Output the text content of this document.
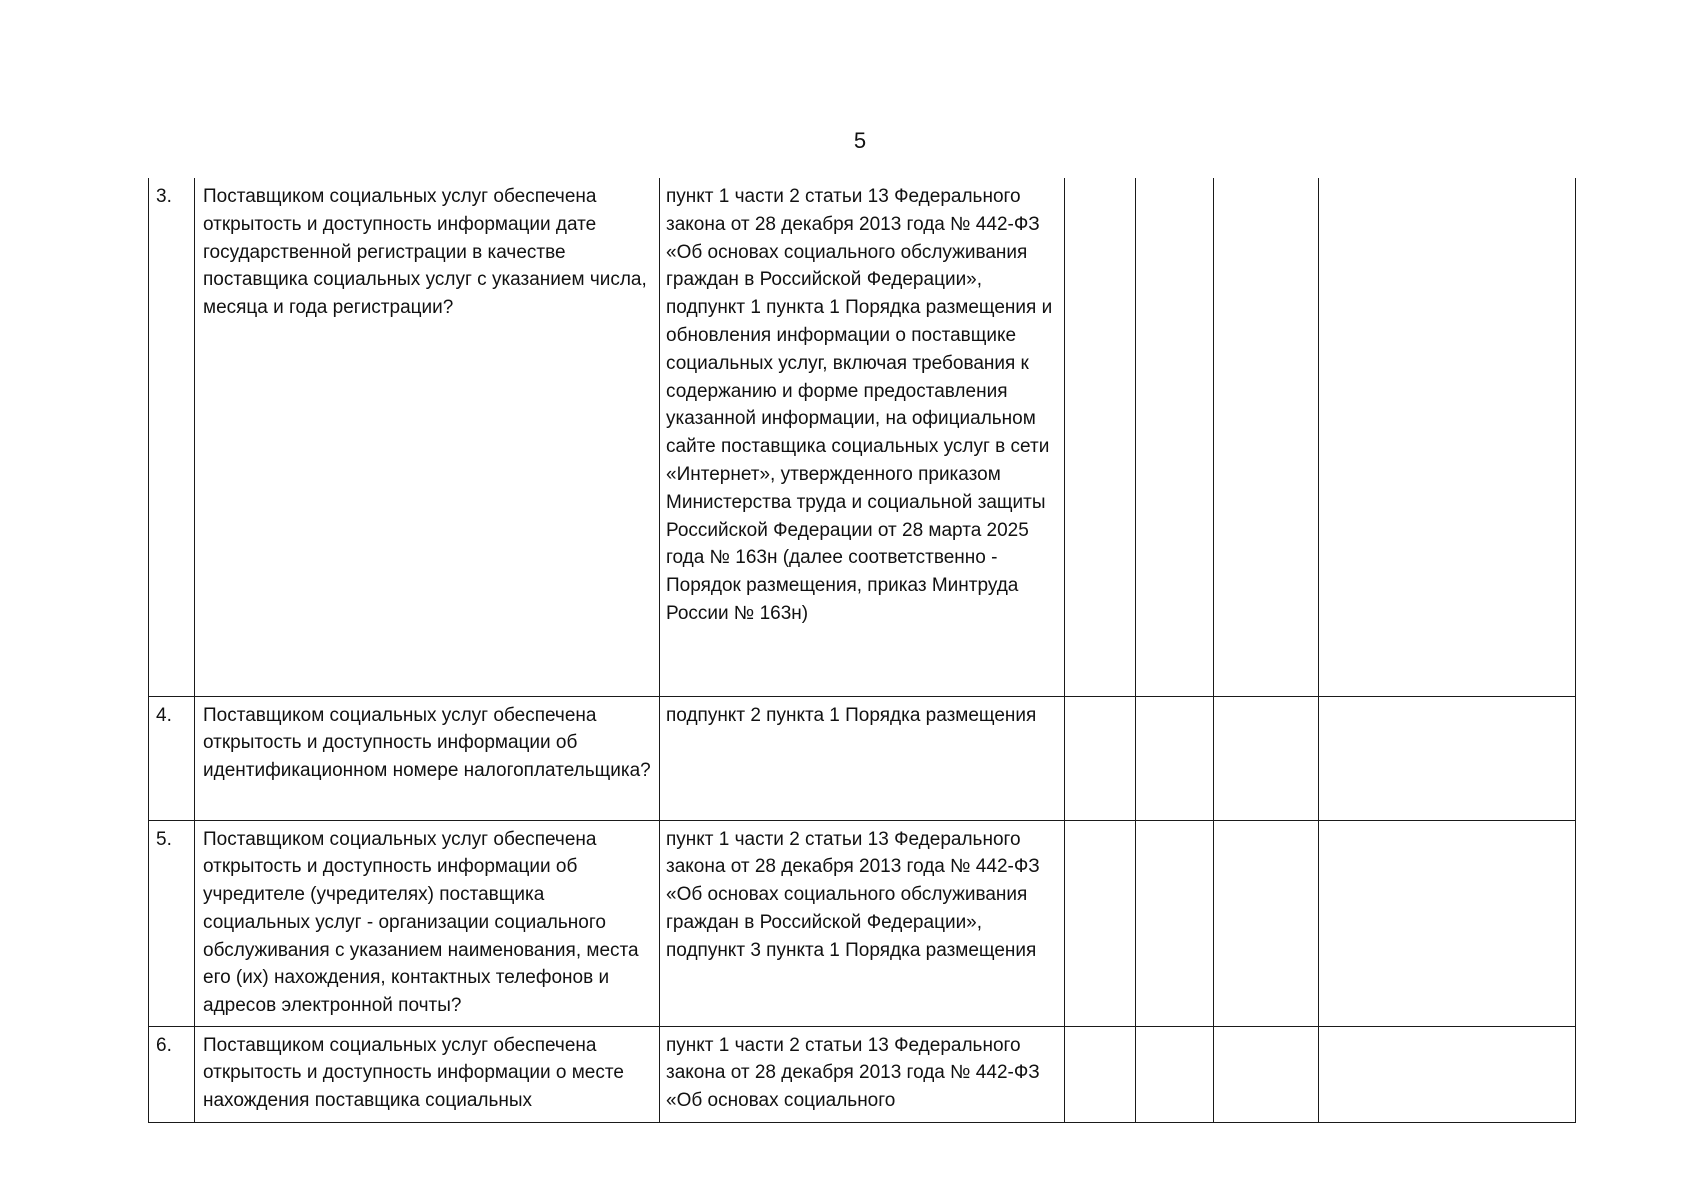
5
3.	Поставщиком социальных услуг обеспечена открытость и доступность информации дате государственной регистрации в качестве поставщика социальных услуг с указанием числа, месяца и года регистрации?	пункт 1 части 2 статьи 13 Федерального закона от 28 декабря 2013 года № 442-ФЗ «Об основах социального обслуживания граждан в Российской Федерации», подпункт 1 пункта 1 Порядка размещения и обновления информации о поставщике социальных услуг, включая требования к содержанию и форме предоставления указанной информации, на официальном сайте поставщика социальных услуг в сети «Интернет», утвержденного приказом Министерства труда и социальной защиты Российской Федерации от 28 марта 2025 года № 163н (далее соответственно - Порядок размещения, приказ Минтруда России № 163н)				
4.	Поставщиком социальных услуг обеспечена открытость и доступность информации об идентификационном номере налогоплательщика?	подпункт 2 пункта 1 Порядка размещения				
5.	Поставщиком социальных услуг обеспечена открытость и доступность информации об учредителе (учредителях) поставщика социальных услуг - организации социального обслуживания с указанием наименования, места его (их) нахождения, контактных телефонов и адресов электронной почты?	пункт 1 части 2 статьи 13 Федерального закона от 28 декабря 2013 года № 442-ФЗ «Об основах социального обслуживания граждан в Российской Федерации», подпункт 3 пункта 1 Порядка размещения				
6.	Поставщиком социальных услуг обеспечена открытость и доступность информации о месте нахождения поставщика социальных	пункт 1 части 2 статьи 13 Федерального закона от 28 декабря 2013 года № 442-ФЗ «Об основах социального				
